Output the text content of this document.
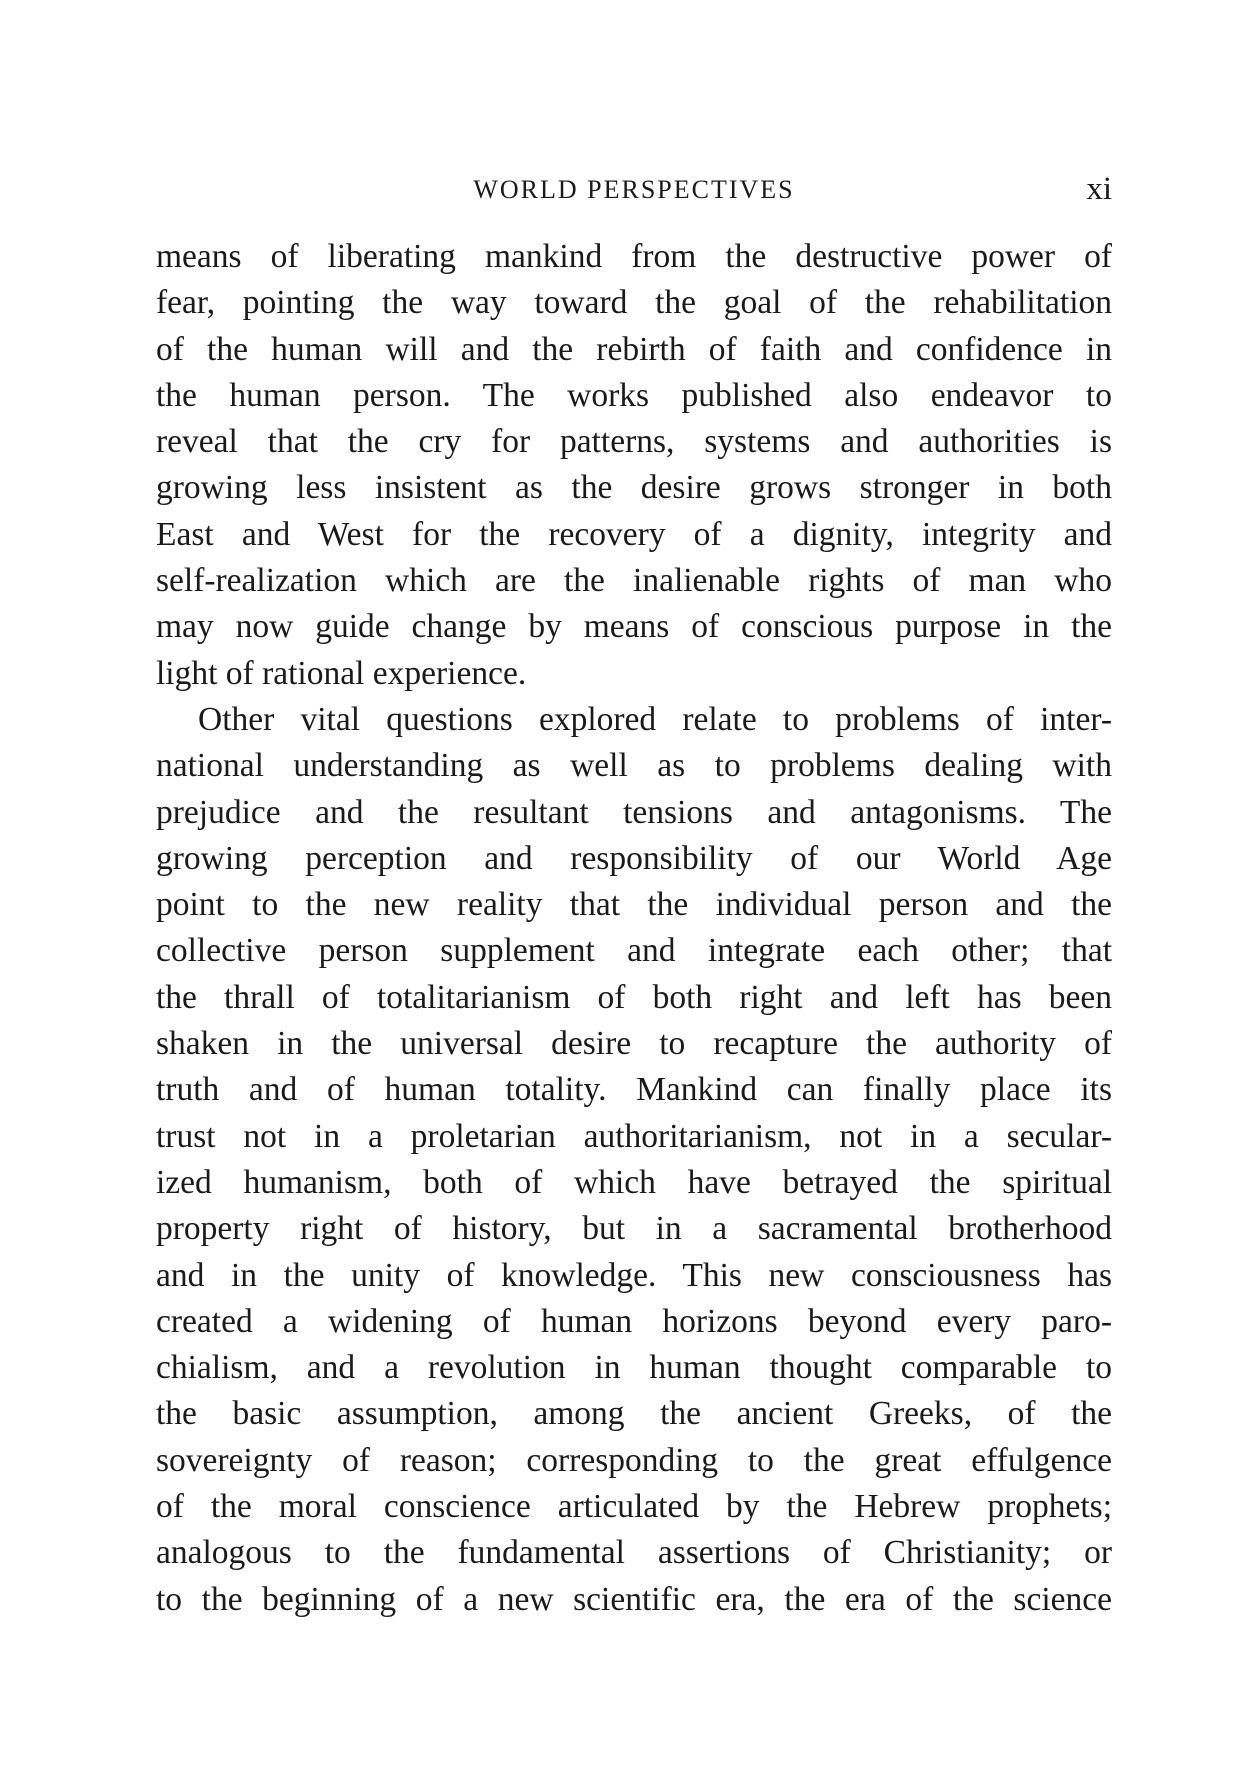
WORLD PERSPECTIVES	xi
means of liberating mankind from the destructive power of
fear, pointing the way toward the goal of the rehabilitation
of the human will and the rebirth of faith and confidence in
the human person. The works published also endeavor to
reveal that the cry for patterns, systems and authorities is
growing less insistent as the desire grows stronger in both
East and West for the recovery of a dignity, integrity and
self-realization which are the inalienable rights of man who
may now guide change by means of conscious purpose in the
light of rational experience.
Other vital questions explored relate to problems of inter-
national understanding as well as to problems dealing with
prejudice and the resultant tensions and antagonisms. The
growing perception and responsibility of our World Age
point to the new reality that the individual person and the
collective person supplement and integrate each other; that
the thrall of totalitarianism of both right and left has been
shaken in the universal desire to recapture the authority of
truth and of human totality. Mankind can finally place its
trust not in a proletarian authoritarianism, not in a secular-
ized humanism, both of which have betrayed the spiritual
property right of history, but in a sacramental brotherhood
and in the unity of knowledge. This new consciousness has
created a widening of human horizons beyond every paro-
chialism, and a revolution in human thought comparable to
the basic assumption, among the ancient Greeks, of the
sovereignty of reason; corresponding to the great effulgence
of the moral conscience articulated by the Hebrew prophets;
analogous to the fundamental assertions of Christianity; or
to the beginning of a new scientific era, the era of the science
